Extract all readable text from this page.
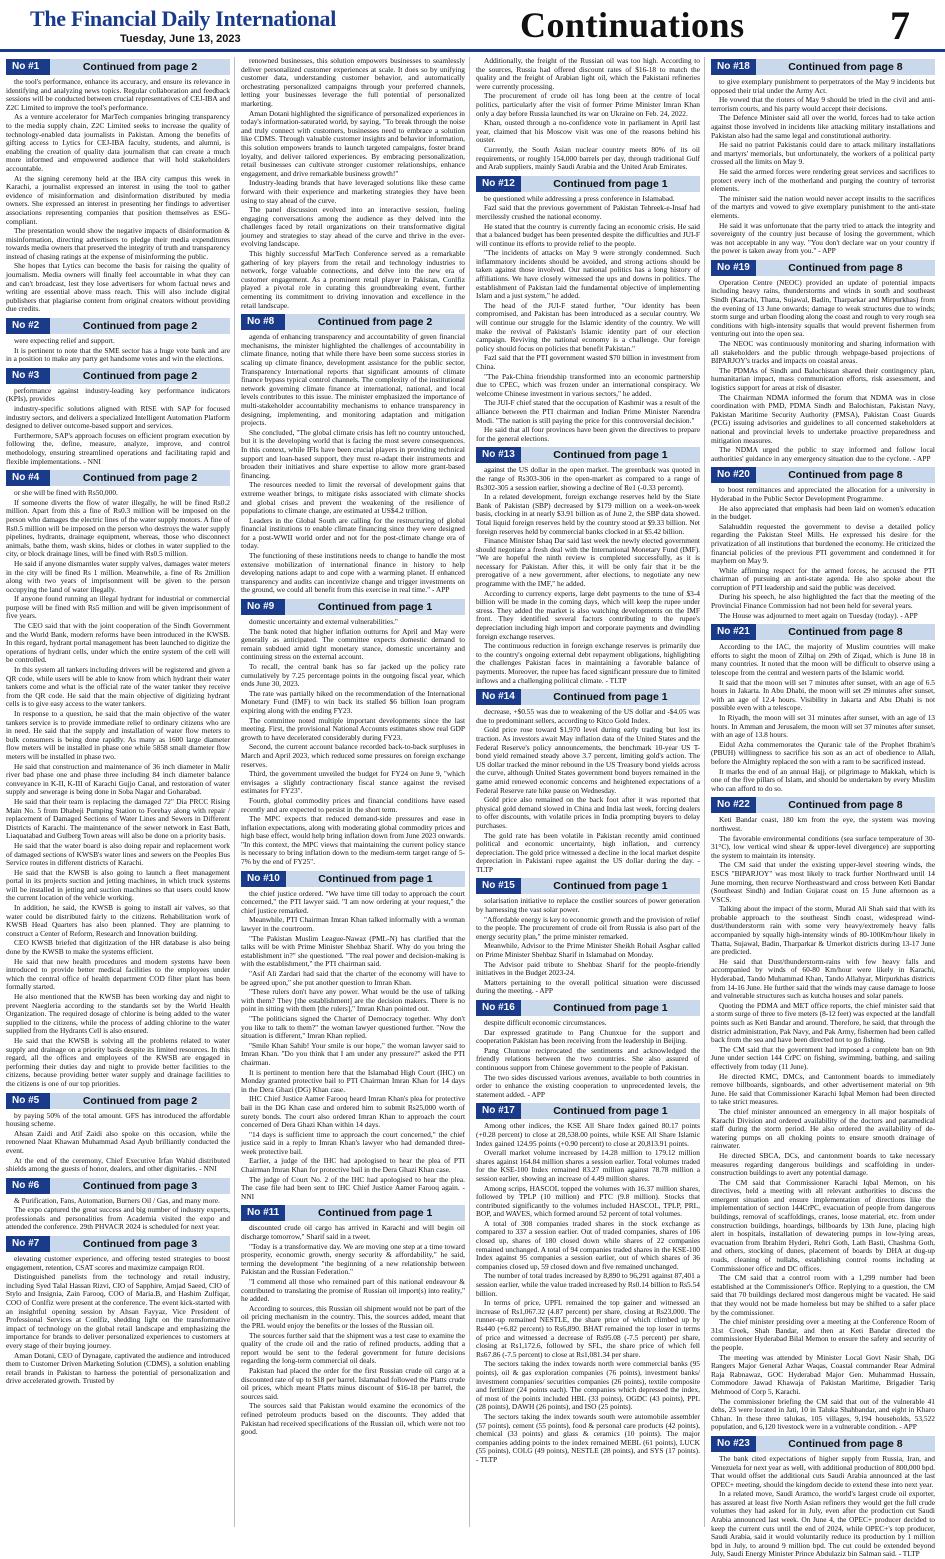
The Financial Daily International
Tuesday, June 13, 2023	Continuations	7
No #1	Continued from page 2

the tool's performance, enhance its accuracy, and ensure its relevance in identifying and analyzing news topics. Regular collaboration and feedback sessions will be conducted between crucial representatives of CEJ-IBA and Z2C Limited to improve the tool's performance.

As a venture accelerator for MarTech companies bringing transparency to the media supply chain, Z2C Limited seeks to increase the quality of technology-enabled data journalists in Pakistan. Among the benefits of gifting access to Lytics for CEJ-IBA faculty, students, and alumni, is enabling the creation of quality data journalism that can create a much more informed and empowered audience that will hold stakeholders accountable.

At the signing ceremony held at the IBA city campus this week in Karachi, a journalist expressed an interest in using the tool to gather evidence of misinformation and disinformation distributed by media owners. She expressed an interest in presenting her findings to advertiser associations representing companies that position themselves as ESG-compliant.

The presentation would show the negative impacts of disinformation & misinformation, directing advertisers to pledge their media expenditures towards media owners that preserved the integrity of truth and transparency instead of chasing ratings at the expense of misinforming the public.

She hopes that Lytics can become the basis for raising the quality of journalism. Media owners will finally feel accountable in what they can and can't broadcast, lest they lose advertisers for whom factual news and writing are essential above mass reach. This will also include digital publishers that plagiarise content from original creators without providing due credits.

No #2	Continued from page 2

were expecting relief and support.

It is pertinent to note that the SME sector has a huge vote bank and are in a position to make any party get handsome votes and win the elections.

No #3	Continued from page 2

performance against industry-leading key performance indicators (KPIs), provides

industry-specific solutions aligned with RISE with SAP for focused industry sectors, and delivers a specialized Intelligent Automation Platform designed to deliver outcome-based support and services.

Furthermore, SAP's approach focuses on efficient program execution by following the, define, measure, analyze, improve, and control methodology, ensuring streamlined operations and facilitating rapid and flexible implementations. - NNI

No #4	Continued from page 2

or she will be fined with Rs50,000.

If someone diverts the flow of water illegally, he will be fined Rs0.2 million. Apart from this a fine of Rs0.3 million will be imposed on the person who damages the electric lines of the water supply motors. A fine of Rs0.5 million will be imposed on the person who destroys the water supply pipelines, hydrants, drainage equipment, whereas, those who disconnect animals, bathe them, wash skins, hides or clothes in water supplied to the city, or block drainage lines, will be fined with Rs0.5 million.

He said if anyone dismantles water supply valves, damages water meters in the city will be fined Rs 1 million. Meanwhile, a fine of Rs 2million along with two years of imprisonment will be given to the person occupying the land of water illegally.

If anyone found running an illegal hydrant for industrial or commercial purpose will be fined with Rs5 million and will be given imprisonment of five years.

The CEO said that with the joint cooperation of the Sindh Government and the World Bank, modern reforms have been introduced in the KWSB. In this regard, hydrant portal management has been launched to digitize the operations of hydrant cells, under which the entire system of the cell will be controlled.

In this system all tankers including drivers will be registered and given a QR code, while users will be able to know from which hydrant their water tankers come and what is the official rate of the water tanker they receive from the QR code. He said that the main objective of digitizing hydrant cells is to give easy access to the water tankers.

In response to a question, he said that the main objective of the water tankers service is to provide immediate relief to ordinary citizens who are in need. He said that the supply and installation of water flow meters to bulk consumers is being done rapidly. As many as 1600 large diameter flow meters will be installed in phase one while 5858 small diameter flow meters will be installed in phase two.

He said that construction and maintenance of 36 inch diameter in Malir river bad phase one and phase three including 84 inch diameter balance conveyance in K-II, K-III of Karachi Gujjo Canal, and restoration of water supply and sewerage is being done in Soba Nagar and Goharabad.

He said that their team is replacing the damaged 72" Dia PRCC Rising Main No. 5 from Dhabeji Pumping Station to Forebay along with repair / replacement of Damaged Sections of Water Lines and Sewers in Different Districts of Karachi. The maintenance of the sewer network in East Bath, Liaquatabad and Gulberg Town areas will also be done on a priority basis.

He said that the water board is also doing repair and replacement work of damaged sections of KWSB's water lines and sewers on the Peoples Bus Service routes in different districts of Karachi.

He said that the KWSB is also going to launch a fleet management portal in its projects suction and jetting machines, in which truck systems will be installed in jetting and suction machines so that users could know the current location of the vehicle working.

In addition, he said, the KWSB is going to install air valves, so that water could be distributed fairly to the citizens. Rehabilitation work of KWSB Head Quarters has also been planned. They are planning to construct a Center of Reform, Research and Innovation building.

CEO KWSB briefed that digitization of the HR database is also being done by the KWSB to make the systems efficient.

He said that new health procedures and modern systems have been introduced to provide better medical facilities to the employees under which the central office of health department COD filter plant has been formally started.

He also mentioned that the KWSB has been working day and night to prevent Naegleria according to the standards set by the World Health Organization. The required dosage of chlorine is being added to the water supplied to the citizens, while the process of adding chlorine to the water supplied from the Hydrants Cell is also ensured.

He said that the KWSB is solving all the problems related to water supply and drainage on a priority basis despite its limited resources. In this regard, all the offices and employees of the KWSB are engaged in performing their duties day and night to provide better facilities to the citizens, because providing better water supply and drainage facilities to the citizens is one of our top priorities.

No #5	Continued from page 2

by paying 50% of the total amount. GFS has introduced the affordable housing scheme.

Ahsan Zaidi and Atif Zaidi also spoke on this occasion, while the renowned Naat Khawan Muhammad Asad Ayub brilliantly conducted the event.

At the end of the ceremony, Chief Executive Irfan Wahid distributed shields among the guests of honor, dealers, and other dignitaries. - NNI

No #6	Continued from page 3

& Purification, Fans, Automation, Burners Oil / Gas, and many more.

The expo captured the great success and big number of industry experts, professionals and personalities from Academia visited the expo and attended the conference. 29th PHVACR 2024 is scheduled for next year.

No #7	Continued from page 3

elevating customer experience, and offering tested strategies to boost engagement, retention, CSAT scores and maximize campaign ROI.

Distinguished panelists from the technology and retail industry, including Syed Talal Hassan Rizvi, CIO of Sapphire, Amjad Saeed, CIO of Stylo and Insignia, Zain Farooq, COO of Maria.B, and Hashim Zulfiqar, COO of Conlfiz were present at the conference. The event kick-started with an insightful opening session by Ahsan Fayyaz, Vice President of Professional Services at Conlfiz, shedding light on the transformative impact of technology on the global retail landscape and emphasizing the importance for brands to deliver personalized experiences to customers at every stage of their buying journey.

Aman Dotani, CEO of Dynagate, captivated the audience and introduced them to Customer Driven Marketing Solution (CDMS), a solution enabling retail brands in Pakistan to harness the potential of personalization and drive accelerated growth. Trusted by

renowned businesses, this solution empowers businesses to seamlessly deliver personalized customer experiences at scale. It does so by unifying customer data, understanding customer behavior, and automatically orchestrating personalized campaigns through your preferred channels, letting your businesses leverage the full potential of personalized marketing.

Aman Dotani highlighted the significance of personalized experiences in today's information-saturated world, by saying, "To break through the noise and truly connect with customers, businesses need to embrace a solution like CDMS. Through valuable customer insights and behavior information, this solution empowers brands to launch targeted campaigns, foster brand loyalty, and deliver tailored experiences. By embracing personalization, retail businesses can cultivate stronger customer relationships, enhance engagement, and drive remarkable business growth!"

Industry-leading brands that have leveraged solutions like these came forward with their experience and marketing strategies they have been using to stay ahead of the curve.

The panel discussion evolved into an interactive session, fueling engaging conversations among the audience as they delved into the challenges faced by retail organizations on their transformative digital journey and strategies to stay ahead of the curve and thrive in the ever-evolving landscape.

This highly successful MarTech Conference served as a remarkable gathering of key players from the retail and technology industries to network, forge valuable connections, and delve into the new era of customer engagement. As a prominent retail player in Pakistan, Conlfiz played a pivotal role in curating this groundbreaking event, further cementing its commitment to driving innovation and excellence in the retail landscape.

No #8	Continued from page 2

agenda of enhancing transparency and accountability of green financial mechanisms, the minister highlighted the challenges of accountability in climate finance, noting that while there have been some success stories in scaling up climate finance, development assistance for the public sector, Transparency International reports that significant amounts of climate finance bypass typical control channels. The complexity of the institutional network governing climate finance at international, national, and local levels contributes to this issue. The minister emphasized the importance of multi-stakeholder accountability mechanisms to enhance transparency in designing, implementing, and monitoring adaptation and mitigation projects.

She concluded, "The global climate crisis has left no country untouched, but it is the developing world that is facing the most severe consequences. In this context, while IFIs have been crucial players in providing technical support and loan-based support, they must re-adapt their instruments and broaden their initiatives and share expertise to allow more grant-based financing.

The resources needed to limit the reversal of development gains that extreme weather brings, to mitigate risks associated with climate shocks and global crises and prevent the weakening of the resilience of populations to climate change, are estimated at US$4.2 trillion.

Leaders in the Global South are calling for the restructuring of global financial institutions to enable climate financing since they were designed for a post-WWII world order and not for the post-climate change era of today.

The functioning of these institutions needs to change to handle the most extensive mobilization of international finance in history to help developing nations adapt to and cope with a warming planet. If enhanced transparency and audits can incentivize change and trigger investments on the ground, we could all benefit from this exercise in real time." - APP

No #9	Continued from page 1

domestic uncertainty and external vulnerabilities."

The bank noted that higher inflation outturns for April and May were generally as anticipated. The committee expects domestic demand to remain subdued amid tight monetary stance, domestic uncertainty and continuing stress on the external account.

To recall, the central bank has so far jacked up the policy rate cumulatively by 7.25 percentage points in the outgoing fiscal year, which ends June 30, 2023.

The rate was partially hiked on the recommendation of the International Monetary Fund (IMF) to win back its stalled $6 billion loan program expiring along with the ending FY23.

The committee noted multiple important developments since the last meeting. First, the provisional National Accounts estimates show real GDP growth to have decelerated considerably during FY23.

Second, the current account balance recorded back-to-back surpluses in March and April 2023, which reduced some pressures on foreign exchange reserves.

Third, the government unveiled the budget for FY24 on June 9, "which envisages a slightly contractionary fiscal stance against the revised estimates for FY23".

Fourth, global commodity prices and financial conditions have eased recently and are expected to persist in the short term.

The MPC expects that reduced demand-side pressures and ease in inflation expectations, along with moderating global commodity prices and high base effect, would help bring inflation down from June 2023 onwards. "In this context, the MPC views that maintaining the current policy stance is necessary to bring inflation down to the medium-term target range of 5-7% by the end of FY25".

No #10	Continued from page 1

the chief justice ordered. "We have time till today to approach the court concerned," the PTI lawyer said. "I am now ordering at your request," the chief justice remarked.

Meanwhile, PTI Chairman Imran Khan talked informally with a woman lawyer in the courtroom.

"The Pakistan Muslim League-Nawaz (PML-N) has clarified that the talks will be with Prime Minister Shehbaz Sharif. Why do you bring the establishment in?" she questioned. "The real power and decision-making is with the establishment," the PTI chairman said.

"Asif Ali Zardari had said that the charter of the economy will have to be agreed upon," she put another question to Imran Khan.

"These rulers don't have any power. What would be the use of talking with them? They [the establishment] are the decision makers. There is no point in sitting with them [the rulers]," Imran Khan pointed out.

"The politicians signed the Charter of Democracy together. Why don't you like to talk to them?" the woman lawyer questioned further. "Now the situation is different," Imran Khan replied.

"Smile Khan Sahib! Your smile is our hope," the woman lawyer said to Imran Khan. "Do you think that I am under any pressure?" asked the PTI chairman.

It is pertinent to mention here that the Islamabad High Court (IHC) on Monday granted protective bail to PTI Chairman Imran Khan for 14 days in the Dera Ghazi (DG) Khan case.

IHC Chief Justice Aamer Farooq heard Imran Khan's plea for protective bail in the DG Khan case and ordered him to submit Rs25,000 worth of surety bonds. The court also ordered Imran Khan to approach the court concerned of Dera Ghazi Khan within 14 days.

"14 days is sufficient time to approach the court concerned," the chief justice said in a reply to Imran Khan's lawyer who had demanded three-week protective bail.

Earlier, a judge of the IHC had apologised to hear the plea of PTI Chairman Imran Khan for protective bail in the Dera Ghazi Khan case.

The judge of Court No. 2 of the IHC had apologised to hear the plea. The case file had been sent to IHC Chief Justice Aamer Farooq again. - NNI

No #11	Continued from page 1

discounted crude oil cargo has arrived in Karachi and will begin oil discharge tomorrow," Sharif said in a tweet.

"Today is a transformative day. We are moving one step at a time toward prosperity, economic growth, energy security & affordability," he said, terming the development "the beginning of a new relationship between Pakistan and the Russian Federation."

"I commend all those who remained part of this national endeavour & contributed to translating the promise of Russian oil import(s) into reality," he added.

According to sources, this Russian oil shipment would not be part of the oil pricing mechanism in the country. This, the sources added, meant that the PRL would enjoy the benefits or the losses of the Russian oil.

The sources further said that the shipment was a test case to examine the quality of the crude oil and the ratio of refined products, adding that a report would be sent to the federal government for future decisions regarding the long-term commercial oil deals.

Pakistan had placed the order for the first Russian crude oil cargo at a discounted rate of up to $18 per barrel. Islamabad followed the Platts crude oil prices, which meant Platts minus discount of $16-18 per barrel, the sources said.

The sources said that Pakistan would examine the economics of the refined petroleum products based on the discounts. They added that Pakistan had received specifications of the Russian oil, which were not too good.

Additionally, the freight of the Russian oil was too high. According to the sources, Russia had offered discount rates of $16-18 to match the quality and the freight of Arabian light oil, which the Pakistani refineries were currently processing.

The procurement of crude oil has long been at the centre of local politics, particularly after the visit of former Prime Minister Imran Khan only a day before Russia launched its war on Ukraine on Feb. 24, 2022.

Khan, ousted through a no-confidence vote in parliament in April last year, claimed that his Moscow visit was one of the reasons behind his ouster.

Currently, the South Asian nuclear country meets 80% of its oil requirements, or roughly 154,000 barrels per day, through traditional Gulf and Arab suppliers, mainly Saudi Arabia and the United Arab Emirates.

No #12	Continued from page 1

be questioned while addressing a press conference in Islamabad.

Fazl said that the previous government of Pakistan Tehreek-e-Insaf had mercilessly crushed the national economy.

He stated that the country is currently facing an economic crisis. He said that a balanced budget has been presented despite the difficulties and JUI-F will continue its efforts to provide relief to the people.

"The incidents of attacks on May 9 were strongly condemned. Such inflammatory incidents should be avoided, and strong actions should be taken against those involved. Our national politics has a long history of affiliations. We have closely witnessed the ups and downs in politics. The establishment of Pakistan laid the fundamental objective of implementing Islam and a just system," he added.

The head of the JUI-F stated further, "Our identity has been compromised, and Pakistan has been introduced as a secular country. We will continue our struggle for the Islamic identity of the country. We will make the revival of Pakistan's Islamic identity part of our election campaign. Reviving the national economy is a challenge. Our foreign policy should focus on policies that benefit Pakistan."

Fazl said that the PTI government wasted $70 billion in investment from China.

"The Pak-China friendship transformed into an economic partnership due to CPEC, which was frozen under an international conspiracy. We welcome Chinese investment in various sectors," he added.

The JUI-F chief stated that the occupation of Kashmir was a result of the alliance between the PTI chairman and Indian Prime Minister Narendra Modi. "The nation is still paying the price for this controversial decision."

He said that all four provinces have been given the directives to prepare for the general elections.

No #13	Continued from page 1

against the US dollar in the open market. The greenback was quoted in the range of Rs303-306 in the open-market as compared to a range of Rs302-305 a session earlier, showing a decline of Re1 (-0.33 percent).

In a related development, foreign exchange reserves held by the State Bank of Pakistan (SBP) decreased by $179 million on a week-on-week basis, clocking in at nearly $3.91 billion as of June 2, the SBP data showed. Total liquid foreign reserves held by the country stood at $9.33 billion. Net foreign reserves held by commercial banks clocked in at $5.42 billion.

Finance Minister Ishaq Dar said last week the newly elected government should negotiate a fresh deal with the International Monetary Fund (IMF). "We are hopeful the ninth review is completed successfully, as it is necessary for Pakistan. After this, it will be only fair that it be the prerogative of a new government, after elections, to negotiate any new programme with the IMF," he added.

According to currency experts, large debt payments to the tune of $3-4 billion will be made in the coming days, which will keep the rupee under stress. They added the market is also watching developments on the IMF front. They identified several factors contributing to the rupee's depreciation including high import and corporate payments and dwindling foreign exchange reserves.

The continuous reduction in foreign exchange reserves is primarily due to the country's ongoing external debt repayment obligations, highlighting the challenges Pakistan faces in maintaining a favorable balance of payments. Moreover, the rupee has faced significant pressure due to limited inflows and a challenging political climate. - TLTP

No #14	Continued from page 1

decrease, +$0.55 was due to weakening of the US dollar and -$4.05 was due to predominant sellers, according to Kitco Gold Index.

Gold price rose toward $1,970 level during early trading but lost its traction. As investors await May inflation data of the United States and the Federal Reserve's policy announcements, the benchmark 10-year US T-bond yield remained steady above 3.7 percent, limiting gold's action. The US dollar tracked the minor rebound in the US Treasury bond yields across the curve, although United States government bond buyers remained in the game amid renewed economic concerns and heightened expectations of a Federal Reserve rate hike pause on Wednesday.

Gold price also remained on the back foot after it was reported that physical gold demand slowed in China and India last week, forcing dealers to offer discounts, with volatile prices in India prompting buyers to delay purchases.

The gold rate has been volatile in Pakistan recently amid continued political and economic uncertainty, high inflation, and currency depreciation. The gold price witnessed a decline in the local market despite depreciation in Pakistani rupee against the US dollar during the day. - TLTP

No #15	Continued from page 1

solarisation initiative to replace the costlier sources of power generation by harnessing the vast solar power.

"Affordable energy is key to economic growth and the provision of relief to the people. The procurement of crude oil from Russia is also part of the energy security plan," the prime minister remarked.

Meanwhile, Advisor to the Prime Minister Sheikh Rohail Asghar called on Prime Minister Shehbaz Sharif in Islamabad on Monday.

The Advisor paid tribute to Shehbaz Sharif for the people-friendly initiatives in the Budget 2023-24.

Matters pertaining to the overall political situation were discussed during the meeting. - APP

No #16	Continued from page 1

despite difficult economic circumstances.

Dar expressed gratitude to Pang Chunxue for the support and cooperation Pakistan has been receiving from the leadership in Beijing.

Pang Chunxue reciprocated the sentiments and acknowledged the friendly relations between the two countries. She also assured of continuous support from Chinese government to the people of Pakistan.

The two sides discussed various avenues, available to both countries in order to enhance the existing cooperation to unprecedented levels, the statement added. - APP

No #17	Continued from page 1

Among other indices, the KSE All Share Index gained 80.17 points (+0.28 percent) to close at 28,538.00 points, while KSE All Share Islamic Index gained 124.95 points (+0.90 percent) to close at 20,813.91 points.

Overall market volume increased by 14.28 million to 179.12 million shares against 164.84 million shares a session earlier. Total volumes traded for the KSE-100 Index remained 83.27 million against 78.78 million a session earlier, showing an increase of 4.49 million shares.

Among scrips, HASCOL topped the volumes with 16.37 million shares, followed by TPLP (10 million) and PTC (9.8 million). Stocks that contributed significantly to the volumes included HASCOL, TPLP, PRL, BOP, and WAVES, which formed around 52 percent of total volumes.

A total of 308 companies traded shares in the stock exchange as compared to 337 a session earlier. Out of traded companies, shares of 106 closed up, shares of 180 closed down while shares of 22 companies remained unchanged. A total of 94 companies traded shares in the KSE-100 Index against 95 companies a session earlier, out of which shares of 36 companies closed up, 59 closed down and five remained unchanged.

The number of total trades increased by 8,890 to 96,291 against 87,401 a session earlier, while the value traded increased by Rs0.14 billion to Rs5.54 billion.

In terms of price, UPFL remained the top gainer and witnessed an increase of Rs1,067.32 (4.87 percent) per share, closing at Rs23,000. The runner-up remained NESTLE, the share price of which climbed up by Rs440 (+6.82 percent) to Rs6,890. BHAT remained the top loser in terms of price and witnessed a decrease of Rs95.08 (-7.5 percent) per share, closing at Rs1,172.6, followed by SFL, the share price of which fell Rs67.86 (-7.5 percent) to close at Rs1,081.34 per share.

The sectors taking the index towards north were commercial banks (95 points), oil & gas exploration companies (76 points), investment banks/ investment companies/ securities companies (26 points), textile composite and fertilizer (24 points each). The companies which depressed the index, of most of the points included HBL (33 points), OGDC (43 points), PPL (28 points), DAWH (26 points), and ISO (25 points).

The sectors taking the index towards south were automobile assembler (57 points), cement (55 points), food & personal care products (42 points), chemical (33 points) and glass & ceramics (10 points). The major companies adding points to the index remained MEBL (61 points), LUCK (55 points), COLG (49 points), NESTLE (28 points), and SYS (17 points). - TLTP

No #18	Continued from page 8

to give exemplary punishment to perpetrators of the May 9 incidents but opposed their trial under the Army Act.

He vowed that the rioters of May 9 should be tried in the civil and anti-terrorism courts, and his party would accept their decisions.

The Defence Minister said all over the world, forces had to take action against those involved in incidents like attacking military installations and Pakistan also had the same legal and constitutional authority.

He said no patriot Pakistanis could dare to attack military installations and martyrs' memorials, but unfortunately, the workers of a political party crossed all the limits on May 9.

He said the armed forces were rendering great services and sacrifices to protect every inch of the motherland and purging the country of terrorist elements.

The minister said the nation would never accept insults to the sacrifices of the martyrs and vowed to give exemplary punishment to the anti-state elements.

He said it was unfortunate that the party tried to attack the integrity and sovereignty of the country just because of losing the government, which was not acceptable in any way. "You don't declare war on your country if the power is taken away from you." - APP

No #19	Continued from page 8

Operation Centre (NEOC) provided an update of potential impacts including heavy rains, thunderstorms and winds in south and southeast Sindh (Karachi, Thatta, Sujawal, Badin, Tharparkar and Mirpurkhas) from the evening of 13 June onwards; damage to weak structures due to winds; storm surge and urban flooding along the coast and rough to very rough sea conditions with high-intensity squalls that would prevent fishermen from venturing out into the open sea.

The NEOC was continuously monitoring and sharing information with all stakeholders and the public through webpage-based projections of BIPARJOY's tracks and impacts on coastal areas.

The PDMAs of Sindh and Balochistan shared their contingency plan, humanitarian impact, mass communication efforts, risk assessment, and logistics support for areas at risk of disaster.

The Chairman NDMA informed the forum that NDMA was in close coordination with PMD, PDMA Sindh and Balochistan, Pakistan Navy, Pakistan Maritime Security Authority (PMSA), Pakistan Coast Guards (PCG) issuing advisories and guidelines to all concerned stakeholders at national and provincial levels to undertake proactive preparedness and mitigation measures.

The NDMA urged the public to stay informed and follow local authorities' guidance in any emergency situation due to the cyclone. - APP

No #20	Continued from page 8

to boost remittances and appreciated the allocation for a university in Hyderabad in the Public Sector Development Programme.

He also appreciated that emphasis had been laid on women's education in the budget.

Salahuddin requested the government to devise a detailed policy regarding the Pakistan Steel Mills. He expressed his desire for the privatization of all institutions that burdened the economy. He criticized the financial policies of the previous PTI government and condemned it for mayhem on May 9.

While affirming respect for the armed forces, he accused the PTI chairman of pursuing an anti-state agenda. He also spoke about the corruption of PTI leadership and said the public was deceived.

During his speech, he also highlighted the fact that the meeting of the Provincial Finance Commission had not been held for several years.

The House was adjourned to meet again on Tuesday (today). - APP

No #21	Continued from page 8

According to the IAC, the majority of Muslim countries will make efforts to sight the moon of Zilhaj on 29th of Ziqad, which is June 18 in many countries. It noted that the moon will be difficult to observe using a telescope from the central and western parts of the Islamic world.

It said that the moon will set 7 minutes after sunset, with an age of 6.5 hours in Jakarta. In Abu Dhabi, the moon will set 29 minutes after sunset, with an age of 12.4 hours. Visibility in Jakarta and Abu Dhabi is not possible even with a telescope.

In Riyadh, the moon will set 31 minutes after sunset, with an age of 13 hours. In Amman and Jerusalem, the moon will set 37 minutes after sunset, with an age of 13.8 hours.

Eidul Azha commemorates the Quranic tale of the Prophet Ibrahim's (PBUH) willingness to sacrifice his son as an act of obedience to Allah, before the Almighty replaced the son with a ram to be sacrificed instead.

It marks the end of an annual Hajj, or pilgrimage to Makkah, which is one of the five pillars of Islam, and should be undertaken by every Muslim who can afford to do so.

No #22	Continued from page 8

Keti Bandar coast, 180 km from the eye, the system was moving northwest.

The favorable environmental conditions (sea surface temperature of 30-31°C), low vertical wind shear & upper-level divergence) are supporting the system to maintain its intensity.

The CM said that under the existing upper-level steering winds, the ESCS "BIPARJOY" was most likely to track further Northward until 14 June morning, then recurve Northeastward and cross between Keti Bandar (Southeast Sindh) and Indian Gujarat coast on 15 June afternoon as a VSCS.

Talking about the impact of the storm, Murad Ali Shah said that with its probable approach to the southeast Sindh coast, widespread wind-dust/thunderstorm rain with some very heavy/extremely heavy falls accompanied by squally high-intensity winds of 80-100Km/hour likely in Thatta, Sujawal, Badin, Tharparkar & Umerkot districts during 13-17 June are predicted.

He said that Dust/thunderstorm-rains with few heavy falls and accompanied by winds of 60-80 Km/hour were likely in Karachi, Hyderabad, Tando Muhammad Khan, Tando Allahyar, Mirpurkhas districts from 14-16 June. He further said that the winds may cause damage to loose and vulnerable structures such as kutcha houses and solar panels.

Quoting the PDMA and MET office reports, the chief minister said that a storm surge of three to five meters (8-12 feet) was expected at the landfall points such as Keti Bandar and around. Therefore, he said, that through the district administration, Pak Navy, and Pak Army, fishermen had been called back from the sea and have been directed not to go fishing.

The CM said that the government had imposed a complete ban on 9th June under section 144 CrPC on fishing, swimming, bathing, and sailing effectively from today (11 June).

He directed KMC, DMCs, and Cantonment boards to immediately remove billboards, signboards, and other advertisement material on 9th June. He said that Commissioner Karachi Iqbal Memon had been directed to take strict measures.

The chief minister announced an emergency in all major hospitals of Karachi Division and ordered availability of the doctors and paramedical staff during the storm period. He also ordered the availability of de-watering pumps on all choking points to ensure smooth drainage of rainwater.

He directed SBCA, DCs, and cantonment boards to take necessary measures regarding dangerous buildings and scaffolding in under-construction buildings to avert any potential damage.

The CM said that Commissioner Karachi Iqbal Memon, on his directives, held a meeting with all relevant authorities to discuss the emergent situation and ensure implementation of directions like the implementation of section 144CrPC, evacuation of people from dangerous buildings, removal of scaffoldings, cranes, loose material, etc. from under construction buildings, hoardings, billboards by 13th June, placing high alert in hospitals, installation of dewatering pumps in low-lying areas, evacuation from Ibrahim Hyderi, Rehri Goth, Lath Basti, Chashma Goth, and others, stocking of dunes, placement of boards by DHA at dug-up roads, cleaning of nullahs, establishing control rooms including at Commissioner office and DC offices.

The CM said that a control room with a 1,299 number had been established at the Commissioner's Office. Replying to a question, the CM said that 70 buildings declared most dangerous might be vacated. He said that they would not be made homeless but may be shifted to a safer place by the commissioner.

The chief minister presiding over a meeting at the Conference Room of 31st Creek, Shah Bandar, and then at Keti Bandar directed the commissioner Hyderabad Bilal Memon to ensure the safety and security of the people.

The meeting was attended by Minister Local Govt Nasir Shah, DG Rangers Major General Azhar Waqas, Coastal commander Rear Admiral Raja Rabnawaz, GOC Hyderabad Major Gen. Muhammad Hussain, Commodore Jawad Khawaja of Pakistan Maritime, Brigadier Tariq Mehmood of Corp 5, Karachi.

The commissioner briefing the CM said that out of the vulnerable 41 dehs, 23 were located in Jati, 10 in Taluka Shahbandar, and eight in Kharo Chhan. In these three talukas, 105 villages, 9,194 households, 53,522 population, and 6,120 livestock were in a vulnerable condition. - APP

No #23	Continued from page 8

The bank cited expectations of higher supply from Russia, Iran, and Venezuela for next year as well, with additional production of 800,000 bpd. That would offset the additional cuts Saudi Arabia announced at the last OPEC+ meeting, should the kingdom decide to extend these into next year.

In a related move, Saudi Aramco, the world's largest crude oil exporter, has assured at least five North Asian refiners they would get the full crude volumes they had asked for in July, even after the production cut Saudi Arabia announced last week. On June 4, the OPEC+ producer decided to keep the current cuts until the end of 2024, while OPEC+'s top producer, Saudi Arabia, said it would voluntarily reduce its production by 1 million bpd in July, to around 9 million bpd. The cut could be extended beyond July, Saudi Energy Minister Prince Abdulaziz bin Salman said. - TLTP
